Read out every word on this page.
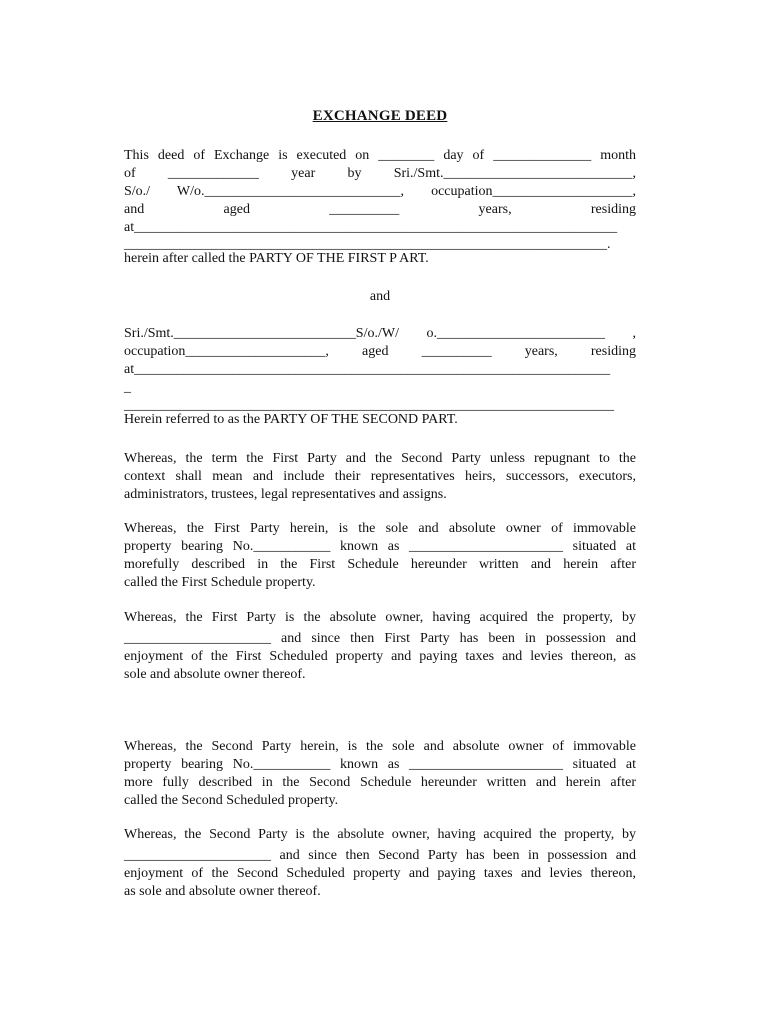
EXCHANGE DEED
This deed of Exchange is executed on ________ day of ______________ month
of _____________ year by Sri./Smt.___________________________,
S/o./ W/o.____________________________, occupation____________________,
and aged __________ years, residing
at_____________________________________________________________________
_____________________________________________________________________.
herein after called the PARTY OF THE FIRST P ART.
and
Sri./Smt.__________________________S/o./W/ o.________________________ ,
occupation____________________, aged __________ years, residing
at____________________________________________________________________
_
______________________________________________________________________
Herein referred to as the PARTY OF THE SECOND PART.
Whereas, the term the First Party and the Second Party unless repugnant to the
context shall mean and include their representatives heirs, successors, executors,
administrators, trustees, legal representatives and assigns.
Whereas, the First Party herein, is the sole and absolute owner of immovable
property bearing No.___________ known as ______________________ situated at
morefully described in the First Schedule hereunder written and herein after
called the First Schedule property.
Whereas, the First Party is the absolute owner, having acquired the property, by
_____________________ and since then First Party has been in possession and
enjoyment of the First Scheduled property and paying taxes and levies thereon, as
sole and absolute owner thereof.
Whereas, the Second Party herein, is the sole and absolute owner of immovable
property bearing No.___________ known as ______________________ situated at
more fully described in the Second Schedule hereunder written and herein after
called the Second Scheduled property.
Whereas, the Second Party is the absolute owner, having acquired the property, by
_____________________ and since then Second Party has been in possession and
enjoyment of the Second Scheduled property and paying taxes and levies thereon,
as sole and absolute owner thereof.
